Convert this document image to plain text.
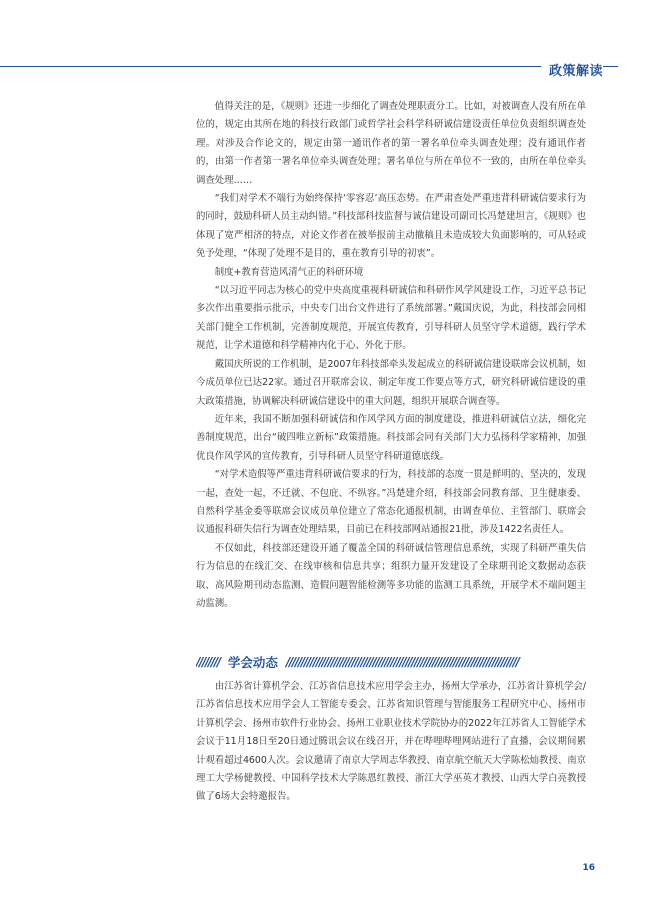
政策解读

值得关注的是，《规则》还进一步细化了调查处理职责分工。比如，对被调查人没有所在单位的，规定由其所在地的科技行政部门或哲学社会科学科研诚信建设责任单位负责组织调查处理。对涉及合作论文的，规定由第一通讯作者的第一署名单位牵头调查处理；没有通讯作者的，由第一作者第一署名单位牵头调查处理；署名单位与所在单位不一致的，由所在单位牵头调查处理……

“我们对学术不端行为始终保持‘零容忍’高压态势。在严肃查处严重违背科研诚信要求行为的同时，鼓励科研人员主动纠错。”科技部科技监督与诚信建设司副司长冯楚建坦言，《规则》也体现了宽严相济的特点，对论文作者在被举报前主动撤稿且未造成较大负面影响的，可从轻或免予处理，“体现了处理不是目的，重在教育引导的初衷”。

制度+教育营造风清气正的科研环境

“以习近平同志为核心的党中央高度重视科研诚信和科研作风学风建设工作，习近平总书记多次作出重要指示批示，中央专门出台文件进行了系统部署。”戴国庆说，为此，科技部会同相关部门健全工作机制，完善制度规范，开展宣传教育，引导科研人员坚守学术道德，践行学术规范，让学术道德和科学精神内化于心、外化于形。

戴国庆所说的工作机制，是2007年科技部牵头发起成立的科研诚信建设联席会议机制，如今成员单位已达22家。通过召开联席会议、制定年度工作要点等方式，研究科研诚信建设的重大政策措施，协调解决科研诚信建设中的重大问题，组织开展联合调查等。

近年来，我国不断加强科研诚信和作风学风方面的制度建设，推进科研诚信立法，细化完善制度规范，出台“破四唯立新标”政策措施。科技部会同有关部门大力弘扬科学家精神，加强优良作风学风的宣传教育，引导科研人员坚守科研道德底线。

“对学术造假等严重违背科研诚信要求的行为，科技部的态度一贯是鲜明的、坚决的，发现一起，查处一起，不迁就、不包庇、不纵容。”冯楚建介绍，科技部会同教育部、卫生健康委、自然科学基金委等联席会议成员单位建立了常态化通报机制，由调查单位、主管部门、联席会议通报科研失信行为调查处理结果，目前已在科技部网站通报21批，涉及1422名责任人。

不仅如此，科技部还建设开通了覆盖全国的科研诚信管理信息系统，实现了科研严重失信行为信息的在线汇交、在线审核和信息共享；组织力量开发建设了全球期刊论文数据动态获取、高风险期刊动态监测、造假问题智能检测等多功能的监测工具系统，开展学术不端问题主动监测。

//////// 学会动态 //////////////////////////////////////////////////////////////////////////////

由江苏省计算机学会、江苏省信息技术应用学会主办，扬州大学承办，江苏省计算机学会/江苏省信息技术应用学会人工智能专委会、江苏省知识管理与智能服务工程研究中心、扬州市计算机学会、扬州市软件行业协会、扬州工业职业技术学院协办的2022年江苏省人工智能学术会议于11月18日至20日通过腾讯会议在线召开，并在哔哩哔哩网站进行了直播，会议期间累计观看超过4600人次。会议邀请了南京大学周志华教授、南京航空航天大学陈松灿教授、南京理工大学杨健教授、中国科学技术大学陈恩红教授、浙江大学巫英才教授、山西大学白亮教授做了6场大会特邀报告。

16
